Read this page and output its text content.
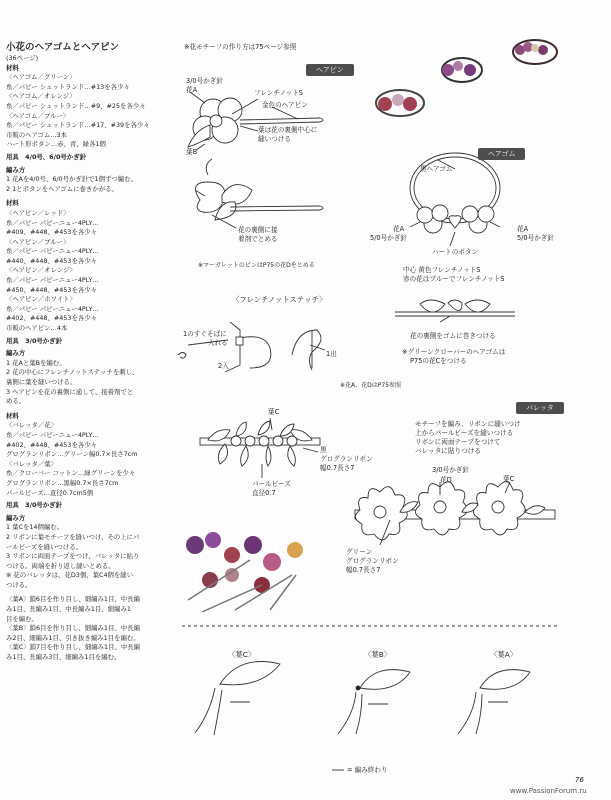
小花のヘアゴムとヘアピン
(36ページ)
材料
〈ヘアゴム／グリーン〉
糸／パピー シェットランド…#13を各少々
〈ヘアゴム／オレンジ〉
糸／パピー シェットランド…#9、#25を各少々
〈ヘアゴム／ブルー〉
糸／パピー シェットランド…#17、#39を各少々
市販のヘアゴム…3本
ハート形ボタン…赤、青、緑各1個

用具　4/0号、6/0号かぎ針

編み方
1 花Aを4/0号、6/0号かぎ針で1個ずつ編む。
2 1とボタンをヘアゴムに巻きかがる。
材料
〈ヘアピン／レッド〉
糸／パピー パピーニュー4PLY…
#409、#448、#453を各少々
〈ヘアピン／ブルー〉
糸／パピー パピーニュー4PLY…
#440、#448、#453を各少々
〈ヘアピン／オレンジ〉
糸／パピー パピーニュー4PLY…
#450、#448、#453を各少々
〈ヘアピン／ホワイト〉
糸／パピー パピーニュー4PLY…
#402、#448、#453を各少々
市販のヘアピン…4本

用具　3/0号かぎ針

編み方
1 花Aと葉Bを編む。
2 花の中心にフレンチノットステッチを刺し、
裏側に葉を縫いつける。
3 ヘアピンを花の裏側に通して、接着剤でと
める。
材料
〈バレッタ／花〉
糸／パピー パピーニュー4PLY…
#402、#448、#453を各少々
グログランリボン…グリーン幅0.7×長さ7cm
〈バレッタ／葉〉
糸／クローバー コットン…緑グリーンを少々
グログランリボン…黒幅0.7×長さ7cm
パールビーズ…直径0.7cm5個

用具　3/0号かぎ針

編み方
1 葉Cを14個編む。
2 リボンに葉モチーフを縫いつけ、その上にパ
ールビーズを縫いつける。
3 リボンに両面テープをつけ、バレッタに貼り
つける。両端を折り返し縫いとめる。
※ 花のバレッタは、花D3個、葉C4個を縫い
つける。
〈葉A〉鎖6目を作り目し、細編み1目、中長編
み1目、長編み1目、中長編み1目、細編み1
目を編む。
〈葉B〉鎖6目を作り目し、細編み1目、中長編
み2目、細編み1目、引き抜き編み1目を編む。
〈葉C〉鎖7目を作り目し、細編み1目、中長編
み1目、長編み3目、細編み1目を編む。
※花モチーフの作り方は75ページ参照
ヘアピン
3/0号かぎ針
花A	フレンチノットS
金色のヘアピン
葉は花の裏側中心に
縫いつける
葉B
花の裏側に接
着剤でとめる
※マーガレットのピンはP75の花Dをとめる
ヘアゴム
黒ヘアゴム
花A
5/0号かぎ針
花A
5/0号かぎ針
ハートのボタン
中心 黄色フレンチノットS
赤の花はブルーでフレンチノットS
花の裏側をゴムに巻きつける
※グリーンクローバーのヘアゴムは
P75の花Cをつける
〈フレンチノットステッチ〉
1のすぐそばに
入れる
2入
1出
※花A、花DはP75参照
バレッタ
葉C
黒
グログランリボン
幅0.7長さ7
パールビーズ
直径0.7
モチーフを編み、リボンに縫いつけ
上からパールビーズを縫いつける
リボンに両面テープをつけて
バレッタに貼りつける
3/0号かぎ針
花D	葉C
グリーン
グログランリボン
幅0.7長さ7
〈葉C〉	〈葉B〉	〈葉A〉
= 編み終わり
76
www.PassionForum.ru
